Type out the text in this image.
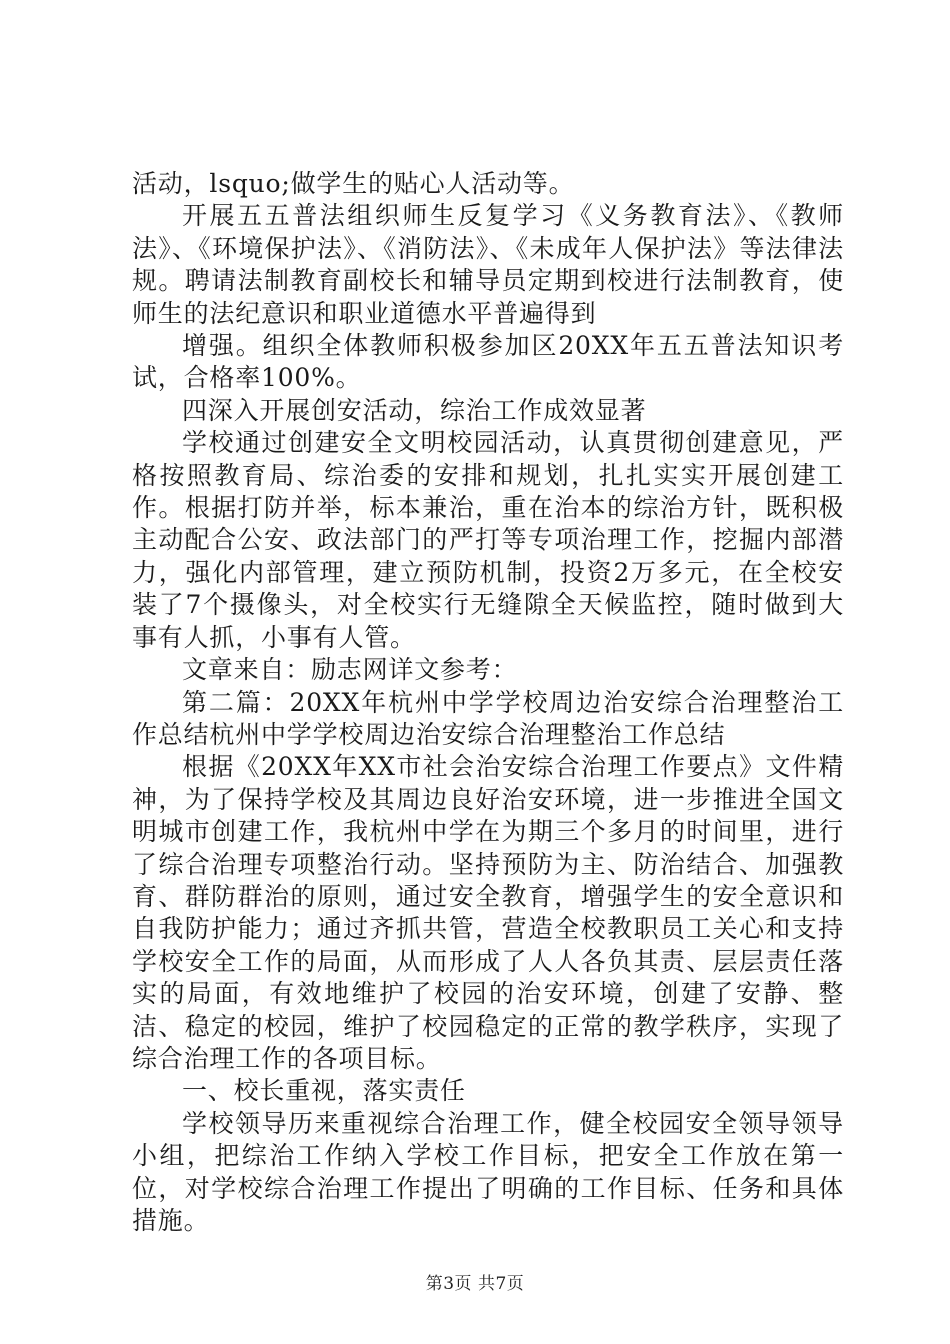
活动，lsquo;做学生的贴心人活动等。

开展五五普法组织师生反复学习《义务教育法》、《教师法》、《环境保护法》、《消防法》、《未成年人保护法》等法律法规。聘请法制教育副校长和辅导员定期到校进行法制教育，使师生的法纪意识和职业道德水平普遍得到

增强。组织全体教师积极参加区20XX年五五普法知识考试，合格率100%。

四深入开展创安活动，综治工作成效显著

学校通过创建安全文明校园活动，认真贯彻创建意见，严格按照教育局、综治委的安排和规划，扎扎实实开展创建工作。根据打防并举，标本兼治，重在治本的综治方针，既积极主动配合公安、政法部门的严打等专项治理工作，挖掘内部潜力，强化内部管理，建立预防机制，投资2万多元，在全校安装了7个摄像头，对全校实行无缝隙全天候监控，随时做到大事有人抓，小事有人管。

文章来自：励志网详文参考：

第二篇：20XX年杭州中学学校周边治安综合治理整治工作总结杭州中学学校周边治安综合治理整治工作总结

根据《20XX年XX市社会治安综合治理工作要点》文件精神，为了保持学校及其周边良好治安环境，进一步推进全国文明城市创建工作，我杭州中学在为期三个多月的时间里，进行了综合治理专项整治行动。坚持预防为主、防治结合、加强教育、群防群治的原则，通过安全教育，增强学生的安全意识和自我防护能力；通过齐抓共管，营造全校教职员工关心和支持学校安全工作的局面，从而形成了人人各负其责、层层责任落实的局面，有效地维护了校园的治安环境，创建了安静、整洁、稳定的校园，维护了校园稳定的正常的教学秩序，实现了综合治理工作的各项目标。

一、校长重视，落实责任

学校领导历来重视综合治理工作，健全校园安全领导领导小组，把综治工作纳入学校工作目标，把安全工作放在第一位，对学校综合治理工作提出了明确的工作目标、任务和具体措施。

第3页 共7页
